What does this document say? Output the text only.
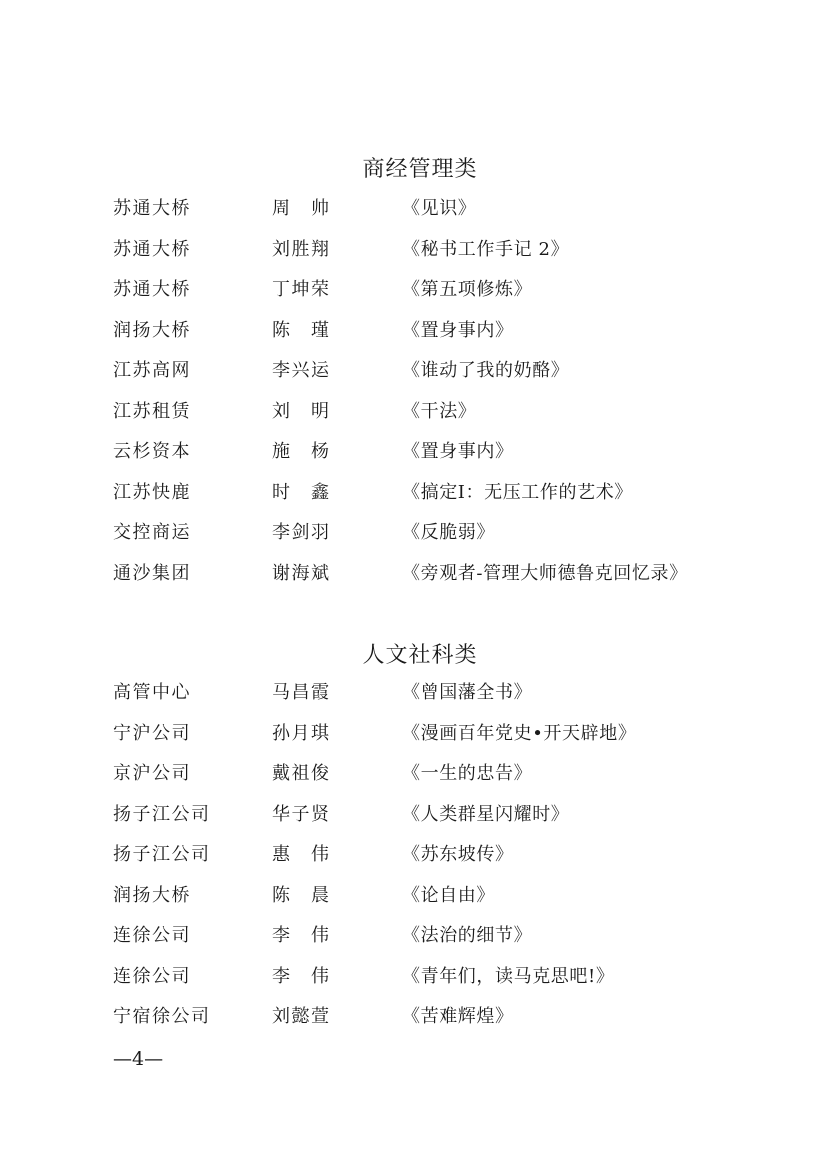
商经管理类
苏通大桥	周　帅	《见识》
苏通大桥	刘胜翔	《秘书工作手记 2》
苏通大桥	丁坤荣	《第五项修炼》
润扬大桥	陈　瑾	《置身事内》
江苏高网	李兴运	《谁动了我的奶酪》
江苏租赁	刘　明	《干法》
云杉资本	施　杨	《置身事内》
江苏快鹿	时　鑫	《搞定Ⅰ：无压工作的艺术》
交控商运	李剑羽	《反脆弱》
通沙集团	谢海斌	《旁观者-管理大师德鲁克回忆录》
人文社科类
高管中心	马昌霞	《曾国藩全书》
宁沪公司	孙月琪	《漫画百年党史•开天辟地》
京沪公司	戴祖俊	《一生的忠告》
扬子江公司	华子贤	《人类群星闪耀时》
扬子江公司	惠　伟	《苏东坡传》
润扬大桥	陈　晨	《论自由》
连徐公司	李　伟	《法治的细节》
连徐公司	李　伟	《青年们，读马克思吧!》
宁宿徐公司	刘懿萱	《苦难辉煌》
—4—
